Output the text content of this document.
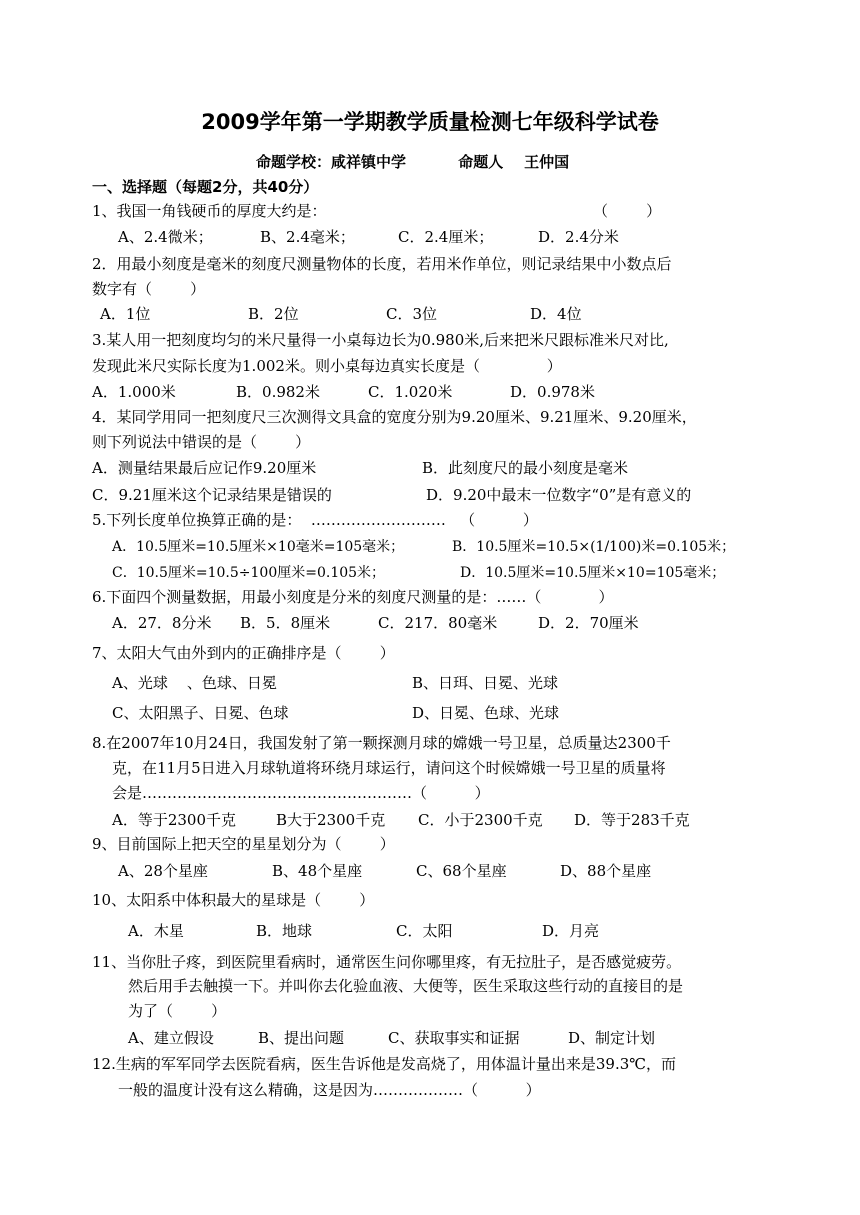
2009学年第一学期教学质量检测七年级科学试卷
命题学校：咸祥镇中学          命题人    王仲国
一、选择题（每题2分，共40分）
1、我国一角钱硬币的厚度大约是：	（        ）
A、2.4微米；	B、2.4毫米；	C．2.4厘米；	D．2.4分米
2．用最小刻度是毫米的刻度尺测量物体的长度，若用米作单位，则记录结果中小数点后
数字有（        ）
A．1位	B．2位	C．3位	D．4位
3.某人用一把刻度均匀的米尺量得一小桌每边长为0.980米,后来把米尺跟标准米尺对比,
发现此米尺实际长度为1.002米。则小桌每边真实长度是（              ）
A．1.000米	B．0.982米	C．1.020米	D．0.978米
4．某同学用同一把刻度尺三次测得文具盒的宽度分别为9.20厘米、9.21厘米、9.20厘米，
则下列说法中错误的是（        ）
A．测量结果最后应记作9.20厘米	B．此刻度尺的最小刻度是毫米
C．9.21厘米这个记录结果是错误的	D．9.20中最末一位数字“0”是有意义的
5.下列长度单位换算正确的是：  ………………………   （          ）
A．10.5厘米=10.5厘米×10毫米=105毫米；	B．10.5厘米=10.5×(1/100)米=0.105米；
C．10.5厘米=10.5÷100厘米=0.105米；	D．10.5厘米=10.5厘米×10=105毫米；
6.下面四个测量数据，用最小刻度是分米的刻度尺测量的是：……（            ）
A．27．8分米 B．5．8厘米	C．217．80毫米	D．2．70厘米
7、太阳大气由外到内的正确排序是（        ）
A、光球    、色球、日冕	B、日珥、日冕、光球
C、太阳黑子、日冕、色球	D、日冕、色球、光球
8.在2007年10月24日，我国发射了第一颗探测月球的嫦娥一号卫星，总质量达2300千
克，在11月5日进入月球轨道将环绕月球运行，请问这个时候嫦娥一号卫星的质量将
会是………………………………………………（          ）
A．等于2300千克	B大于2300千克 C．小于2300千克 D．等于283千克
9、目前国际上把天空的星星划分为（        ）
A、28个星座	B、48个星座	C、68个星座	D、88个星座
10、太阳系中体积最大的星球是（        ）
A．木星	B．地球	C．太阳	D．月亮
11、当你肚子疼，到医院里看病时，通常医生问你哪里疼，有无拉肚子，是否感觉疲劳。
然后用手去触摸一下。并叫你去化验血液、大便等，医生采取这些行动的直接目的是
为了（        ）
A、建立假设	B、提出问题	C、获取事实和证据	D、制定计划
12.生病的军军同学去医院看病，医生告诉他是发高烧了，用体温计量出来是39.3℃，而
一般的温度计没有这么精确，这是因为………………（          ）
